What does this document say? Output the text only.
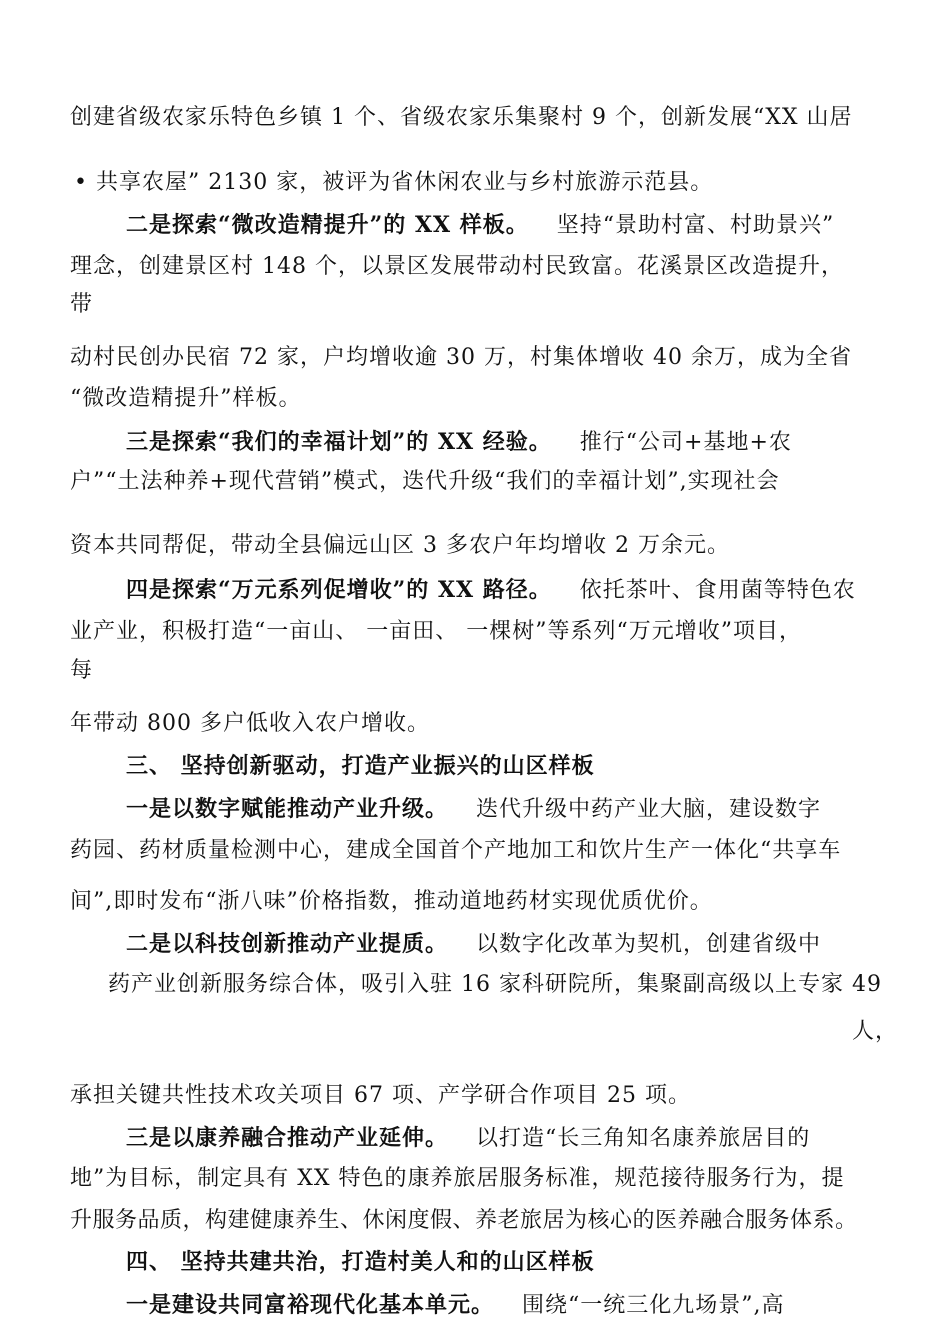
创建省级农家乐特色乡镇 1 个、省级农家乐集聚村 9 个，创新发展“XX 山居
• 共享农屋” 2130 家，被评为省休闲农业与乡村旅游示范县。
二是探索“微改造精提升”的 XX 样板。 坚持“景助村富、村助景兴”
理念，创建景区村 148 个，以景区发展带动村民致富。花溪景区改造提升，
带
动村民创办民宿 72 家，户均增收逾 30 万，村集体增收 40 余万，成为全省
“微改造精提升”样板。
三是探索“我们的幸福计划”的 XX 经验。 推行“公司+基地+农
户”“土法种养+现代营销”模式，迭代升级“我们的幸福计划”,实现社会
资本共同帮促，带动全县偏远山区 3 多农户年均增收 2 万余元。
四是探索“万元系列促增收”的 XX 路径。 依托茶叶、食用菌等特色农
业产业，积极打造“一亩山、 一亩田、 一棵树”等系列“万元增收”项目，
每
年带动 800 多户低收入农户增收。
三、 坚持创新驱动，打造产业振兴的山区样板
一是以数字赋能推动产业升级。 迭代升级中药产业大脑，建设数字
药园、药材质量检测中心，建成全国首个产地加工和饮片生产一体化“共享车
间”,即时发布“浙八味”价格指数，推动道地药材实现优质优价。
二是以科技创新推动产业提质。 以数字化改革为契机，创建省级中
药产业创新服务综合体，吸引入驻 16 家科研院所，集聚副高级以上专家 49
人，
承担关键共性技术攻关项目 67 项、产学研合作项目 25 项。
三是以康养融合推动产业延伸。 以打造“长三角知名康养旅居目的
地”为目标，制定具有 XX 特色的康养旅居服务标准，规范接待服务行为，提
升服务品质，构建健康养生、休闲度假、养老旅居为核心的医养融合服务体系。
四、 坚持共建共治，打造村美人和的山区样板
一是建设共同富裕现代化基本单元。 围绕“一统三化九场景”,高
